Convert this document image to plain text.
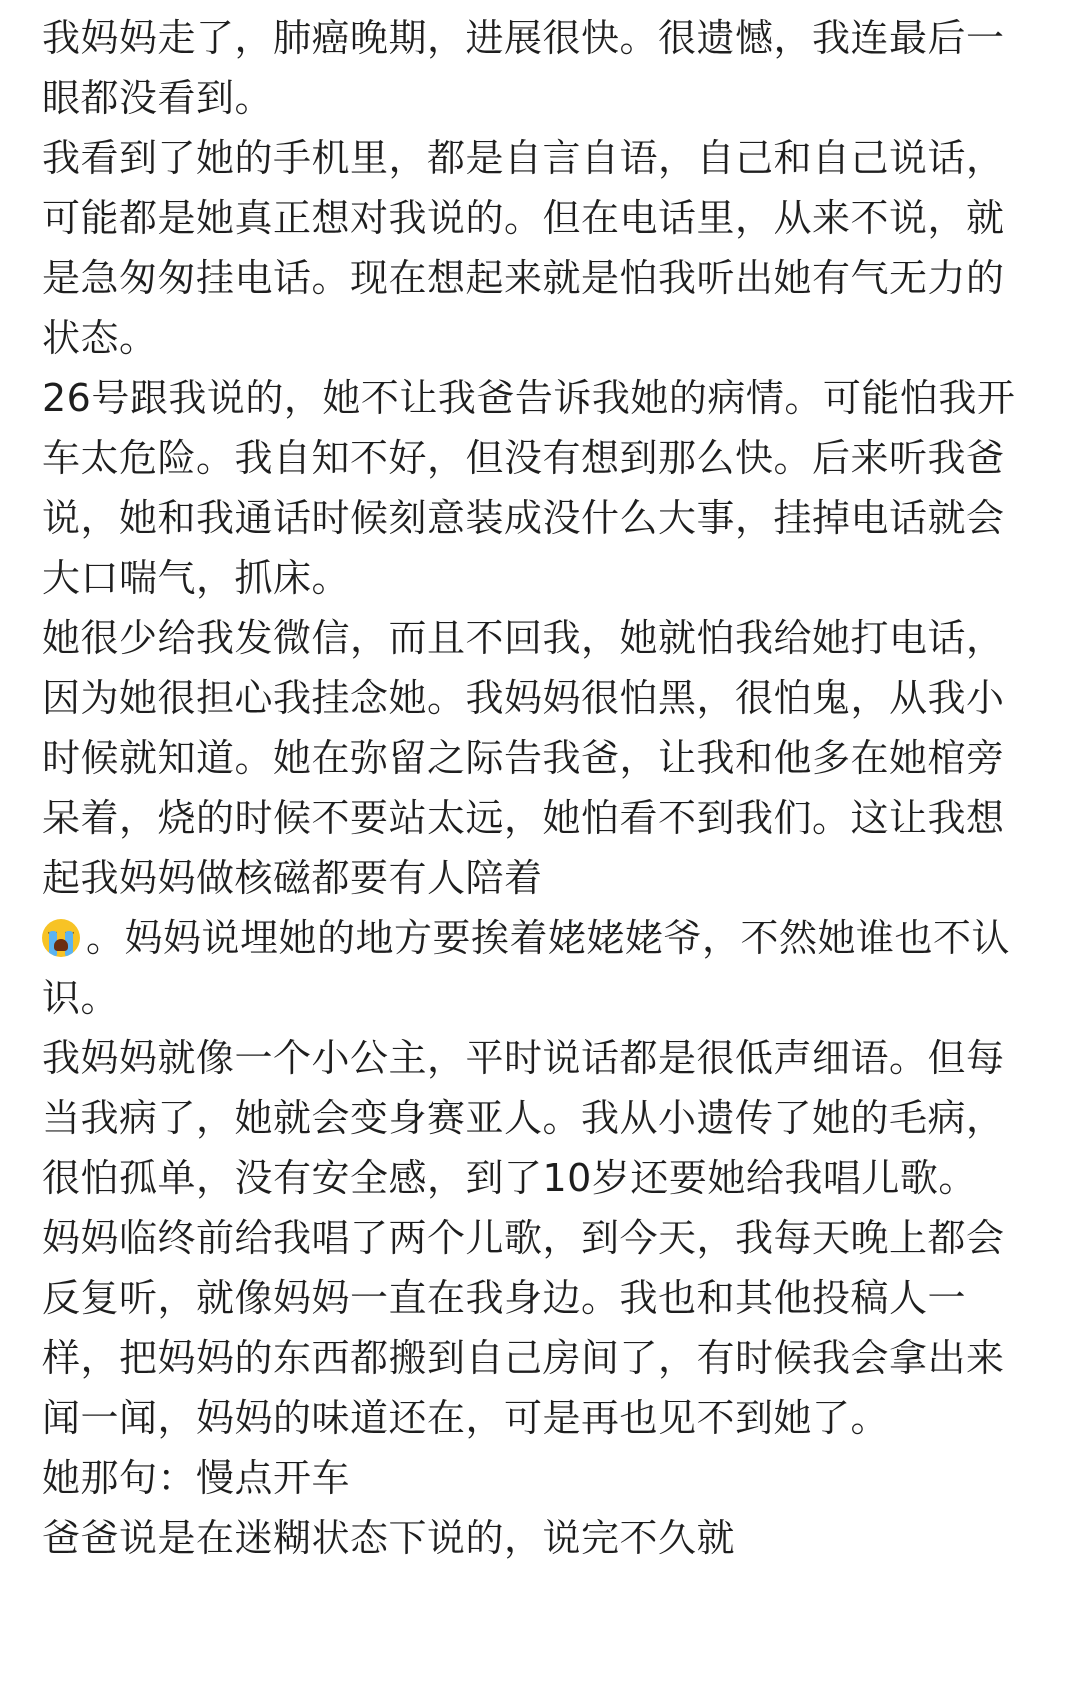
我妈妈走了，肺癌晚期，进展很快。很遗憾，我连最后一眼都没看到。

我看到了她的手机里，都是自言自语，自己和自己说话，可能都是她真正想对我说的。但在电话里，从来不说，就是急匆匆挂电话。现在想起来就是怕我听出她有气无力的状态。

26号跟我说的，她不让我爸告诉我她的病情。可能怕我开车太危险。我自知不好，但没有想到那么快。后来听我爸说，她和我通话时候刻意装成没什么大事，挂掉电话就会大口喘气，抓床。

她很少给我发微信，而且不回我，她就怕我给她打电话，因为她很担心我挂念她。我妈妈很怕黑，很怕鬼，从我小时候就知道。她在弥留之际告我爸，让我和他多在她棺旁呆着，烧的时候不要站太远，她怕看不到我们。这让我想起我妈妈做核磁都要有人陪着

。妈妈说埋她的地方要挨着姥姥姥爷，不然她谁也不认识。

我妈妈就像一个小公主，平时说话都是很低声细语。但每当我病了，她就会变身赛亚人。我从小遗传了她的毛病，很怕孤单，没有安全感，到了10岁还要她给我唱儿歌。

妈妈临终前给我唱了两个儿歌，到今天，我每天晚上都会反复听，就像妈妈一直在我身边。我也和其他投稿人一样，把妈妈的东西都搬到自己房间了，有时候我会拿出来闻一闻，妈妈的味道还在，可是再也见不到她了。

她那句：慢点开车

爸爸说是在迷糊状态下说的，说完不久就
